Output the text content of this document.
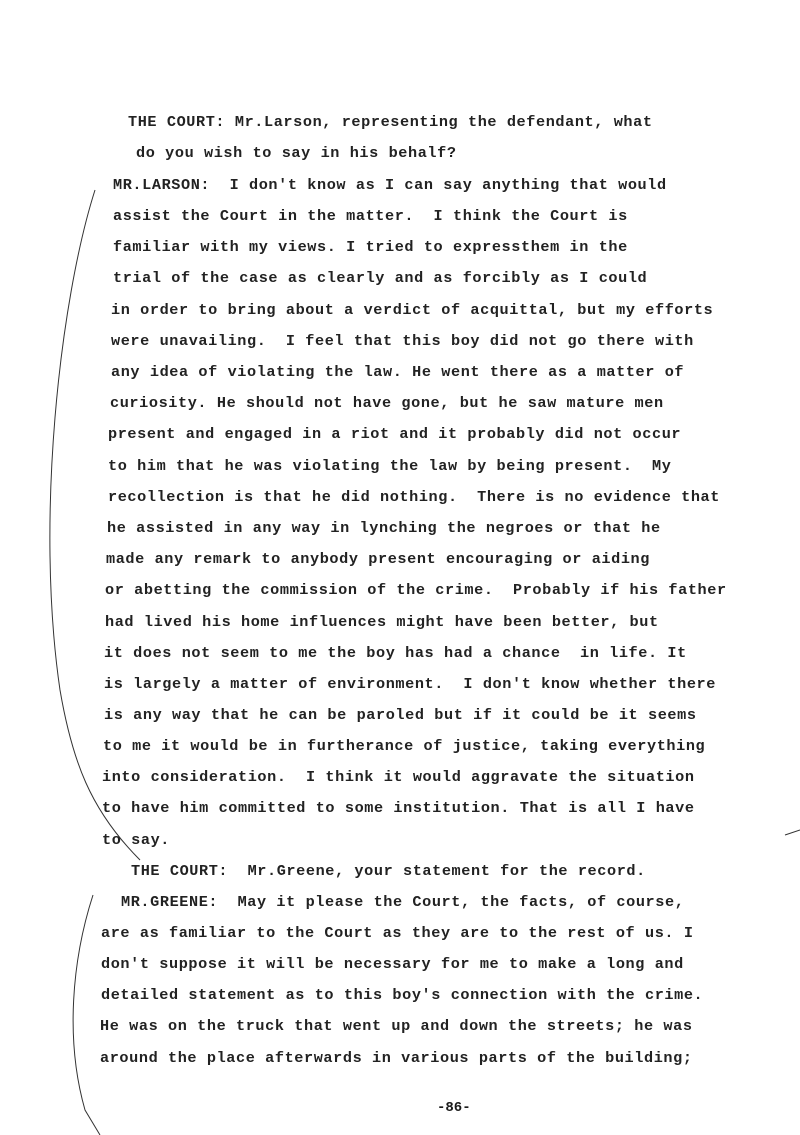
THE COURT: Mr.Larson, representing the defendant, what
do you wish to say in his behalf?
MR.LARSON:  I don't know as I can say anything that would
assist the Court in the matter.  I think the Court is
familiar with my views. I tried to expressthem in the
trial of the case as clearly and as forcibly as I could
in order to bring about a verdict of acquittal, but my efforts
were unavailing.  I feel that this boy did not go there with
any idea of violating the law. He went there as a matter of
curiosity. He should not have gone, but he saw mature men
present and engaged in a riot and it probably did not occur
to him that he was violating the law by being present.  My
recollection is that he did nothing.  There is no evidence that
he assisted in any way in lynching the negroes or that he
made any remark to anybody present encouraging or aiding
or abetting the commission of the crime.  Probably if his father
had lived his home influences might have been better, but
it does not seem to me the boy has had a chance  in life. It
is largely a matter of environment.  I don't know whether there
is any way that he can be paroled but if it could be it seems
to me it would be in furtherance of justice, taking everything
into consideration.  I think it would aggravate the situation
to have him committed to some institution. That is all I have
to say.
THE COURT:  Mr.Greene, your statement for the record.
MR.GREENE:  May it please the Court, the facts, of course,
are as familiar to the Court as they are to the rest of us. I
don't suppose it will be necessary for me to make a long and
detailed statement as to this boy's connection with the crime.
He was on the truck that went up and down the streets; he was
around the place afterwards in various parts of the building;
-86-
